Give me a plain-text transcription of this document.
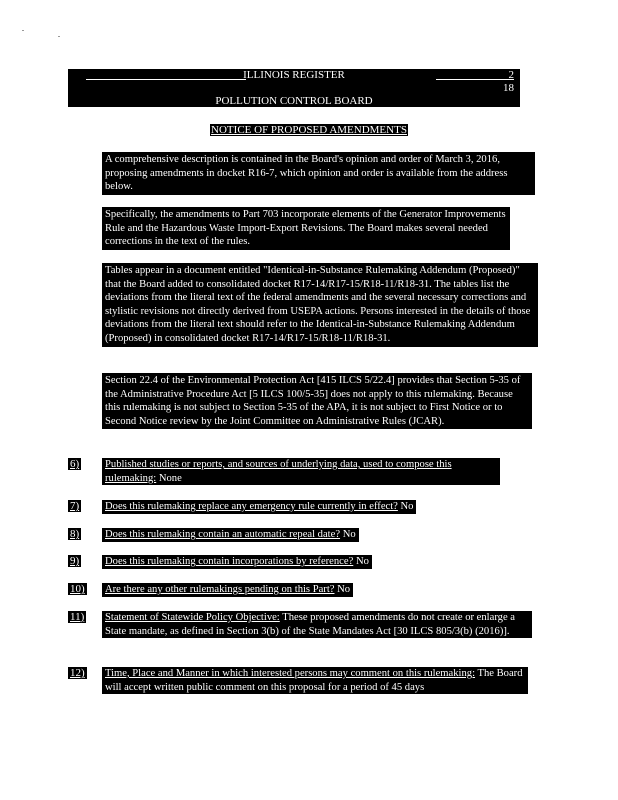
ILLINOIS REGISTER	2
18
POLLUTION CONTROL BOARD
NOTICE OF PROPOSED AMENDMENTS
A comprehensive description is contained in the Board's opinion and order of March 3, 2016, proposing amendments in docket R16-7, which opinion and order is available from the address below.
Specifically, the amendments to Part 703 incorporate elements of the Generator Improvements Rule and the Hazardous Waste Import-Export Revisions. The Board makes several needed corrections in the text of the rules.
Tables appear in a document entitled "Identical-in-Substance Rulemaking Addendum (Proposed)" that the Board added to consolidated docket R17-14/R17-15/R18-11/R18-31. The tables list the deviations from the literal text of the federal amendments and the several necessary corrections and stylistic revisions not directly derived from USEPA actions. Persons interested in the details of those deviations from the literal text should refer to the Identical-in-Substance Rulemaking Addendum (Proposed) in consolidated docket R17-14/R17-15/R18-11/R18-31.
Section 22.4 of the Environmental Protection Act [415 ILCS 5/22.4] provides that Section 5-35 of the Administrative Procedure Act [5 ILCS 100/5-35] does not apply to this rulemaking. Because this rulemaking is not subject to Section 5-35 of the APA, it is not subject to First Notice or to Second Notice review by the Joint Committee on Administrative Rules (JCAR).
6) Published studies or reports, and sources of underlying data, used to compose this rulemaking: None
7) Does this rulemaking replace any emergency rule currently in effect? No
8) Does this rulemaking contain an automatic repeal date? No
9) Does this rulemaking contain incorporations by reference? No
10) Are there any other rulemakings pending on this Part? No
11) Statement of Statewide Policy Objective: These proposed amendments do not create or enlarge a State mandate, as defined in Section 3(b) of the State Mandates Act [30 ILCS 805/3(b) (2016)].
12) Time, Place and Manner in which interested persons may comment on this rulemaking: The Board will accept written public comment on this proposal for a period of 45 days
